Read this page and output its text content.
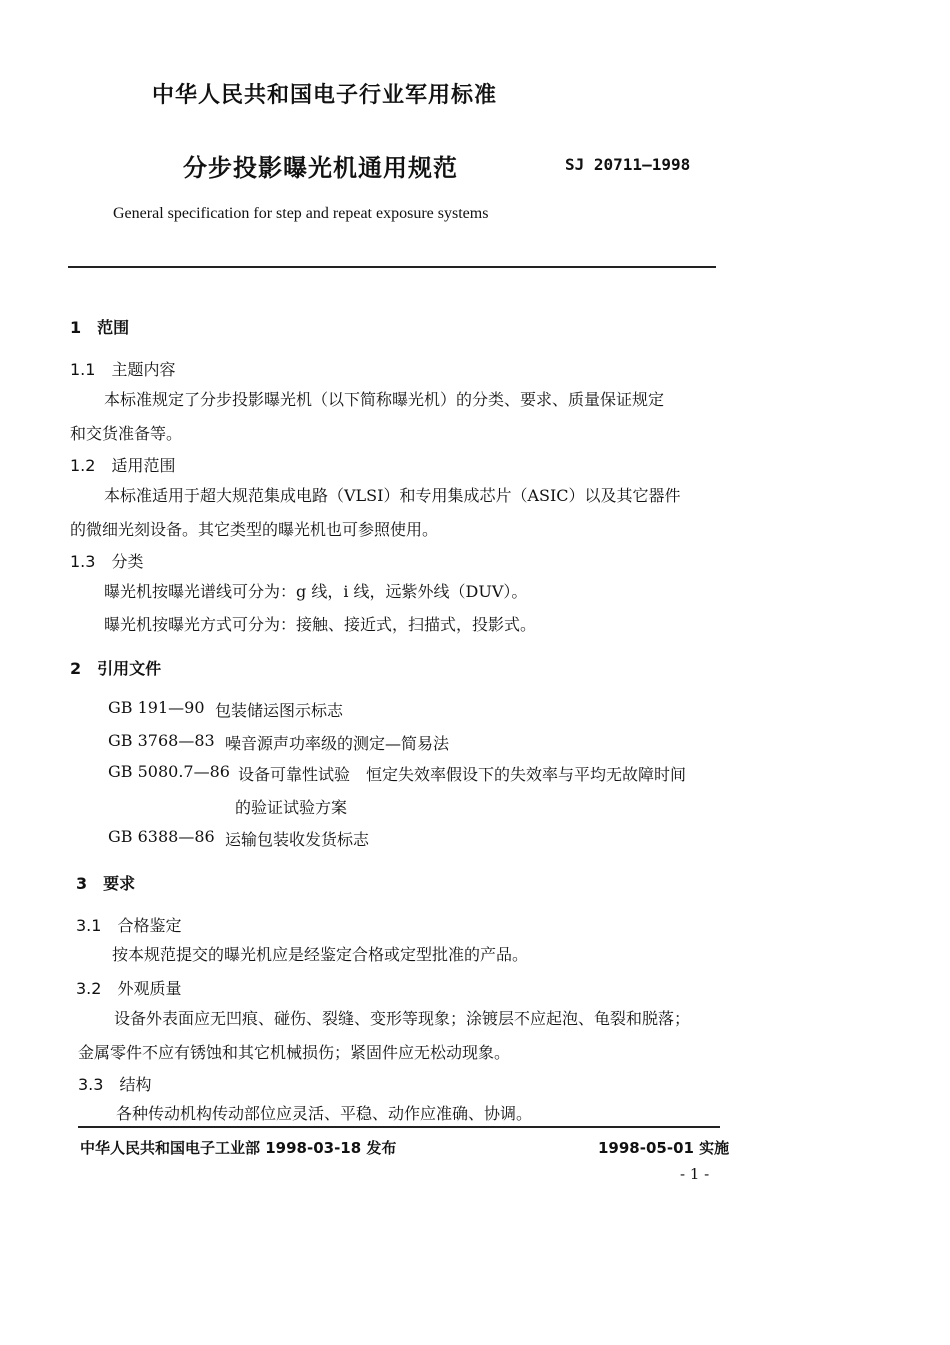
中华人民共和国电子行业军用标准
分步投影曝光机通用规范	SJ 20711—1998
General specification for step and repeat exposure systems
1　范围
1.1　主题内容
本标准规定了分步投影曝光机（以下简称曝光机）的分类、要求、质量保证规定
和交货准备等。
1.2　适用范围
本标准适用于超大规范集成电路（VLSI）和专用集成芯片（ASIC）以及其它器件
的微细光刻设备。其它类型的曝光机也可参照使用。
1.3　分类
曝光机按曝光谱线可分为：g 线，i 线，远紫外线（DUV）。
曝光机按曝光方式可分为：接触、接近式，扫描式，投影式。
2　引用文件
GB 191—90 包装储运图示标志
GB 3768—83 噪音源声功率级的测定—简易法
GB 5080.7—86 设备可靠性试验　恒定失效率假设下的失效率与平均无故障时间
的验证试验方案
GB 6388—86 运输包装收发货标志
3　要求
3.1　合格鉴定
按本规范提交的曝光机应是经鉴定合格或定型批准的产品。
3.2　外观质量
设备外表面应无凹痕、碰伤、裂缝、变形等现象；涂镀层不应起泡、龟裂和脱落；
金属零件不应有锈蚀和其它机械损伤；紧固件应无松动现象。
3.3　结构
各种传动机构传动部位应灵活、平稳、动作应准确、协调。
中华人民共和国电子工业部 1998-03-18 发布	1998-05-01 实施
- 1 -
